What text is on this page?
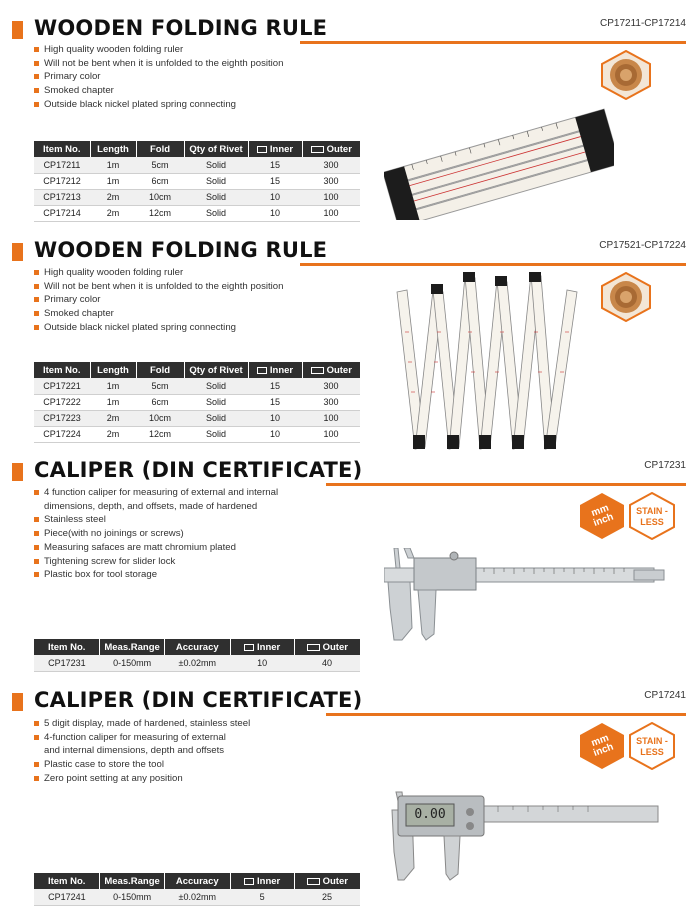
WOODEN FOLDING RULE	CP17211-CP17214
High quality wooden folding ruler
Will not be bent when it is unfolded to the eighth position
Primary color
Smoked chapter
Outside black nickel plated spring connecting
Item No.	Length	Fold	Qty of Rivet	Inner	Outer
CP17211	1m	5cm	Solid	15	300
CP17212	1m	6cm	Solid	15	300
CP17213	2m	10cm	Solid	10	100
CP17214	2m	12cm	Solid	10	100
WOODEN FOLDING RULE	CP17521-CP17224
High quality wooden folding ruler
Will not be bent when it is unfolded to the eighth position
Primary color
Smoked chapter
Outside black nickel plated spring connecting
Item No.	Length	Fold	Qty of Rivet	Inner	Outer
CP17221	1m	5cm	Solid	15	300
CP17222	1m	6cm	Solid	15	300
CP17223	2m	10cm	Solid	10	100
CP17224	2m	12cm	Solid	10	100
CALIPER (DIN CERTIFICATE)	CP17231
4 function caliper for measuring of external and internal
dimensions, depth, and offsets, made of hardened
Stainless steel
Piece(with no joinings or screws)
Measuring safaces are matt chromium plated
Tightening screw for slider lock
Plastic box for tool storage
Item No.	Meas.Range	Accuracy	Inner	Outer
CP17231	0-150mm	±0.02mm	10	40
mm inch
STAIN -LESS
CALIPER (DIN CERTIFICATE)	CP17241
5 digit display, made of hardened, stainless steel
4-function caliper for measuring of external
and internal dimensions, depth and offsets
Plastic case to store the tool
Zero point setting at any position
Item No.	Meas.Range	Accuracy	Inner	Outer
CP17241	0-150mm	±0.02mm	5	25
mm inch
STAIN -LESS
0.00
